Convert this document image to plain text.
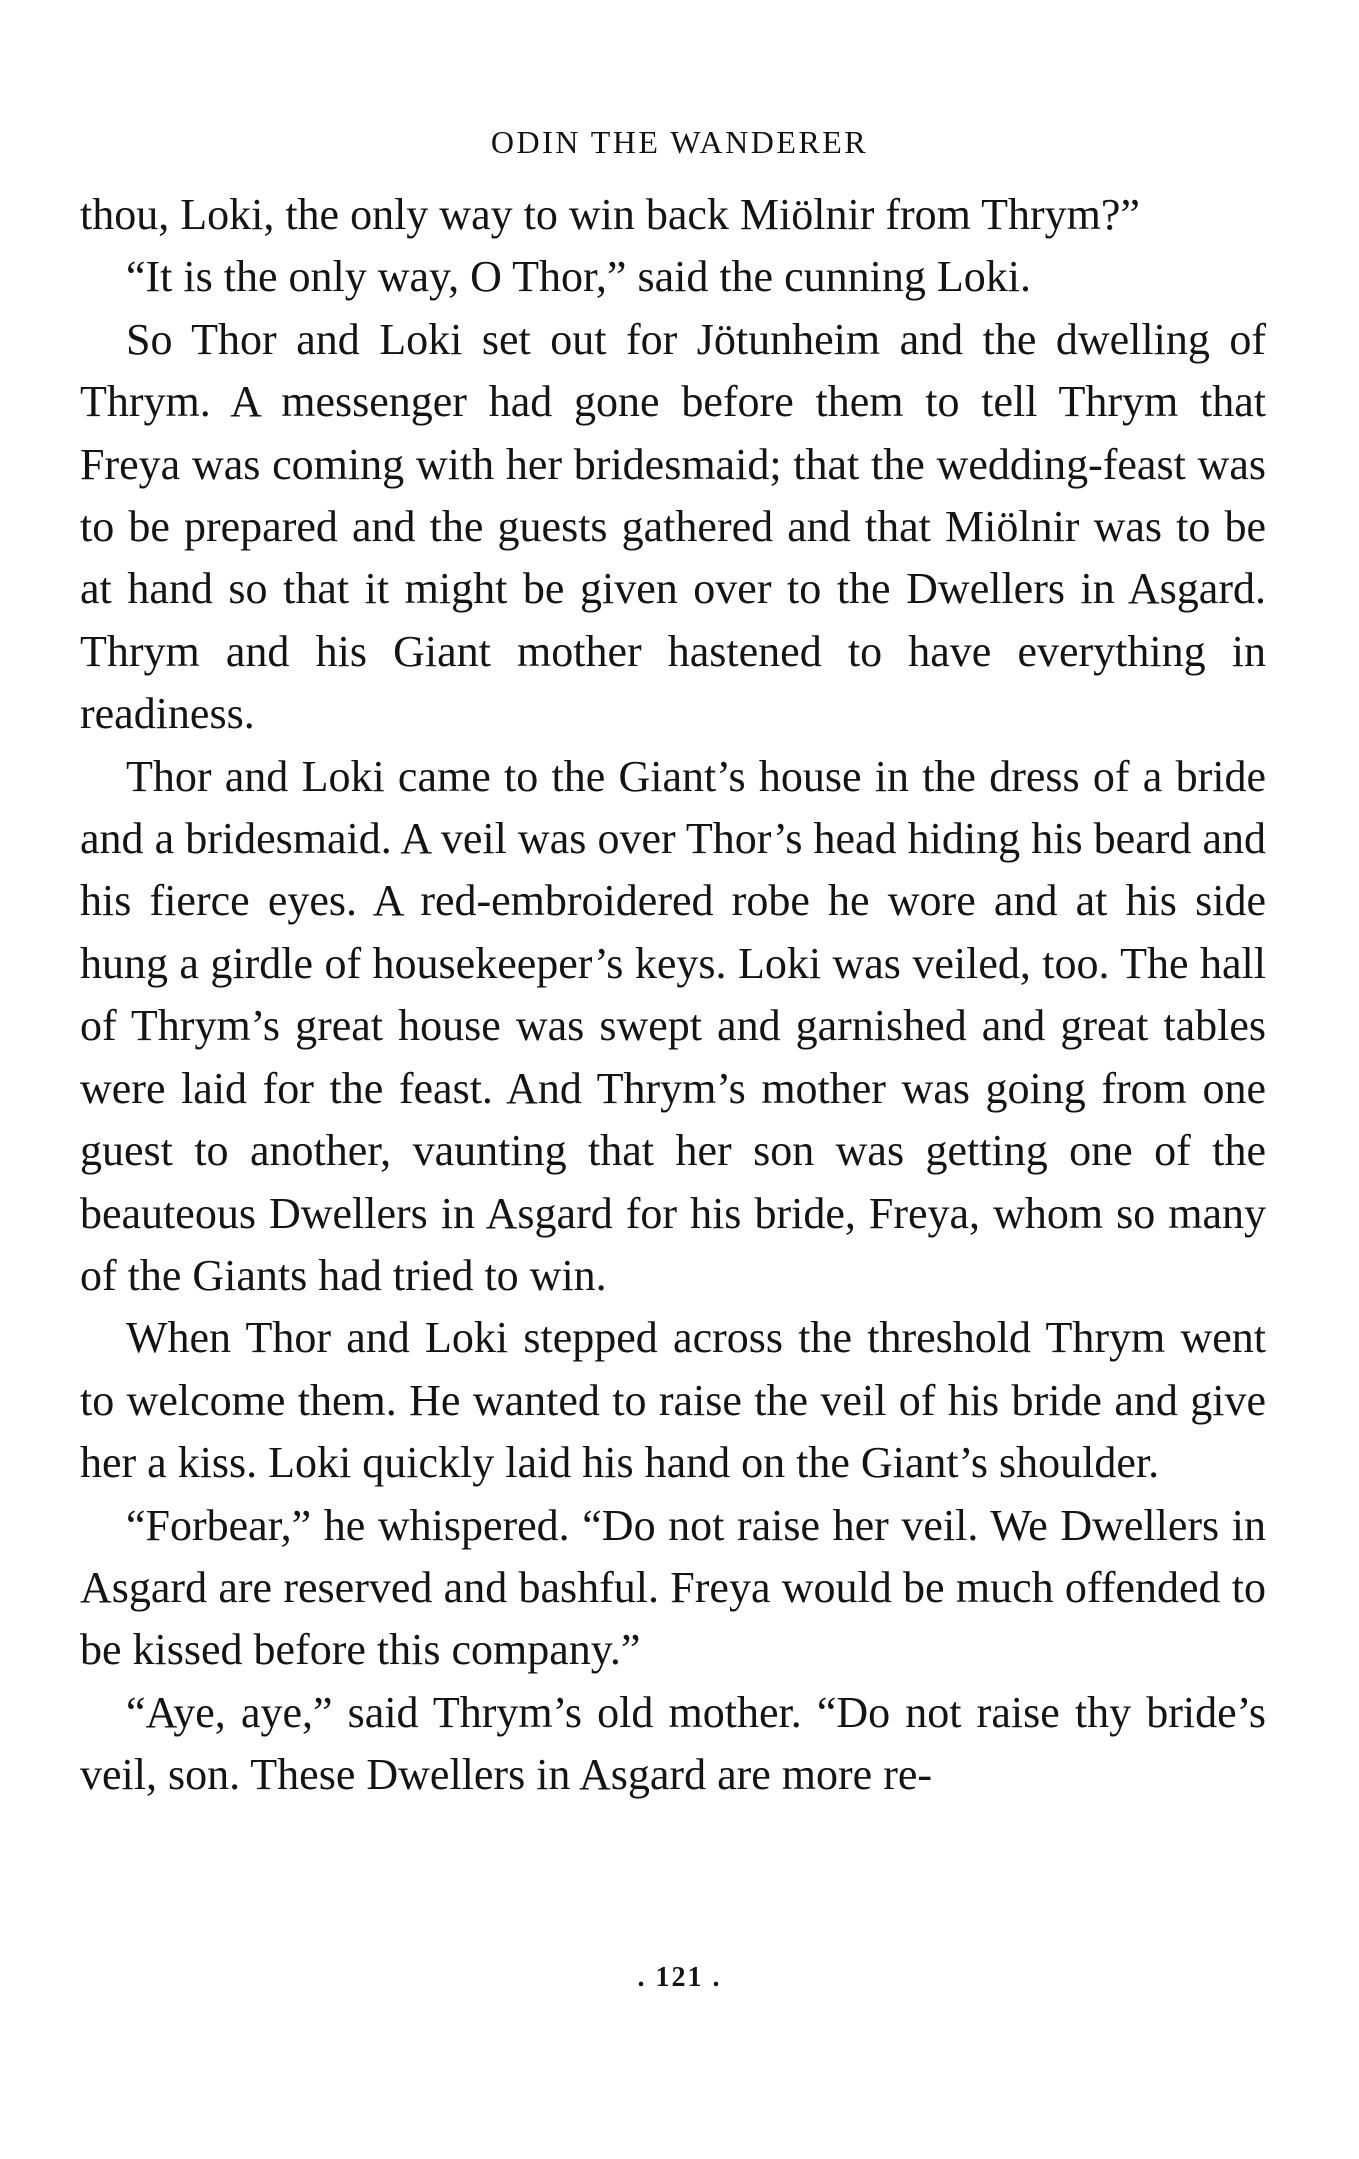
ODIN THE WANDERER

thou, Loki, the only way to win back Miölnir from Thrym?”

“It is the only way, O Thor,” said the cunning Loki.

So Thor and Loki set out for Jötunheim and the dwelling of Thrym. A messenger had gone before them to tell Thrym that Freya was coming with her bridesmaid; that the wedding-feast was to be prepared and the guests gathered and that Miölnir was to be at hand so that it might be given over to the Dwellers in Asgard. Thrym and his Giant mother hastened to have everything in readiness.

Thor and Loki came to the Giant’s house in the dress of a bride and a bridesmaid. A veil was over Thor’s head hiding his beard and his fierce eyes. A red-embroidered robe he wore and at his side hung a girdle of housekeeper’s keys. Loki was veiled, too. The hall of Thrym’s great house was swept and garnished and great tables were laid for the feast. And Thrym’s mother was going from one guest to another, vaunting that her son was getting one of the beauteous Dwellers in Asgard for his bride, Freya, whom so many of the Giants had tried to win.

When Thor and Loki stepped across the threshold Thrym went to welcome them. He wanted to raise the veil of his bride and give her a kiss. Loki quickly laid his hand on the Giant’s shoulder.

“Forbear,” he whispered. “Do not raise her veil. We Dwellers in Asgard are reserved and bashful. Freya would be much offended to be kissed before this company.”

“Aye, aye,” said Thrym’s old mother. “Do not raise thy bride’s veil, son. These Dwellers in Asgard are more re-

. 121 .
